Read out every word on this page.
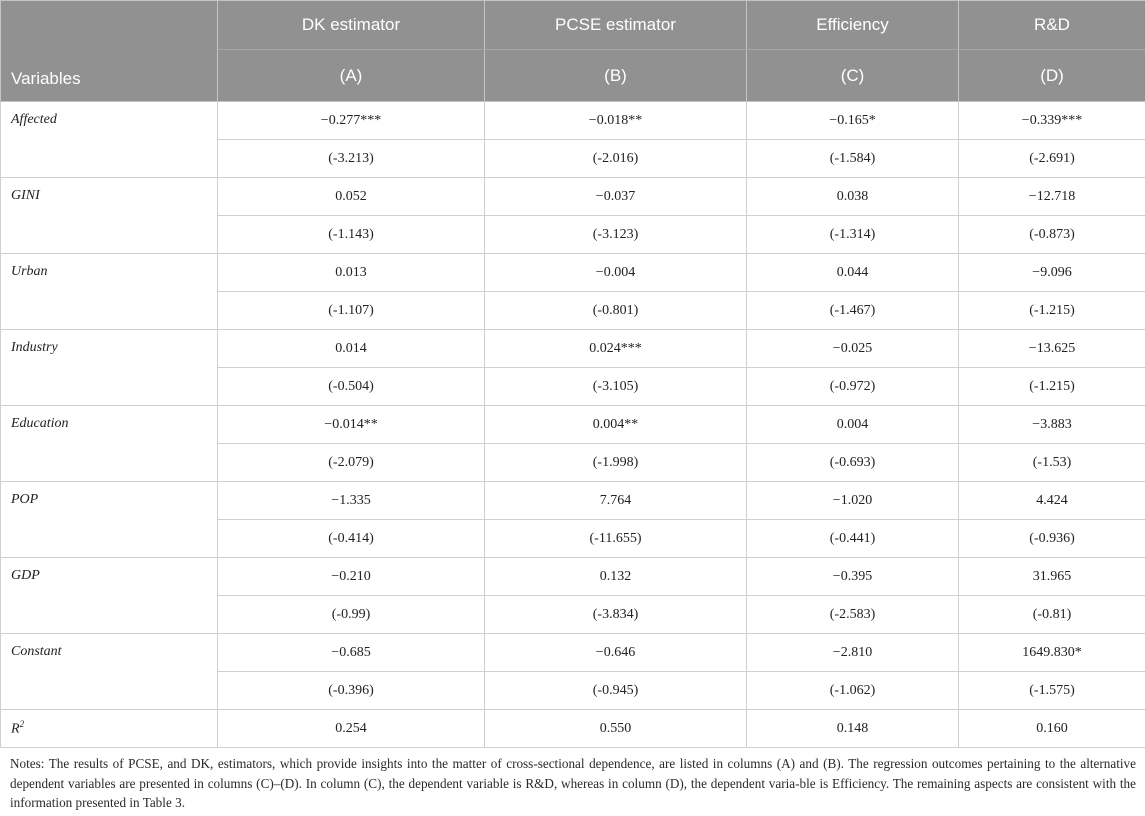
Variables	DK estimator	PCSE estimator	Efficiency	R&D
	(A)	(B)	(C)	(D)
Affected	−0.277***	−0.018**	−0.165*	−0.339***
	(-3.213)	(-2.016)	(-1.584)	(-2.691)
GINI	0.052	−0.037	0.038	−12.718
	(-1.143)	(-3.123)	(-1.314)	(-0.873)
Urban	0.013	−0.004	0.044	−9.096
	(-1.107)	(-0.801)	(-1.467)	(-1.215)
Industry	0.014	0.024***	−0.025	−13.625
	(-0.504)	(-3.105)	(-0.972)	(-1.215)
Education	−0.014**	0.004**	0.004	−3.883
	(-2.079)	(-1.998)	(-0.693)	(-1.53)
POP	−1.335	7.764	−1.020	4.424
	(-0.414)	(-11.655)	(-0.441)	(-0.936)
GDP	−0.210	0.132	−0.395	31.965
	(-0.99)	(-3.834)	(-2.583)	(-0.81)
Constant	−0.685	−0.646	−2.810	1649.830*
	(-0.396)	(-0.945)	(-1.062)	(-1.575)
$R^2$	0.254	0.550	0.148	0.160

Notes: The results of PCSE, and DK, estimators, which provide insights into the matter of cross-sectional dependence, are listed in columns (A) and (B). The regression outcomes pertaining to the alternative dependent variables are presented in columns (C)–(D). In column (C), the dependent variable is R&D, whereas in column (D), the dependent varia-ble is Efficiency. The remaining aspects are consistent with the information presented in Table 3.
